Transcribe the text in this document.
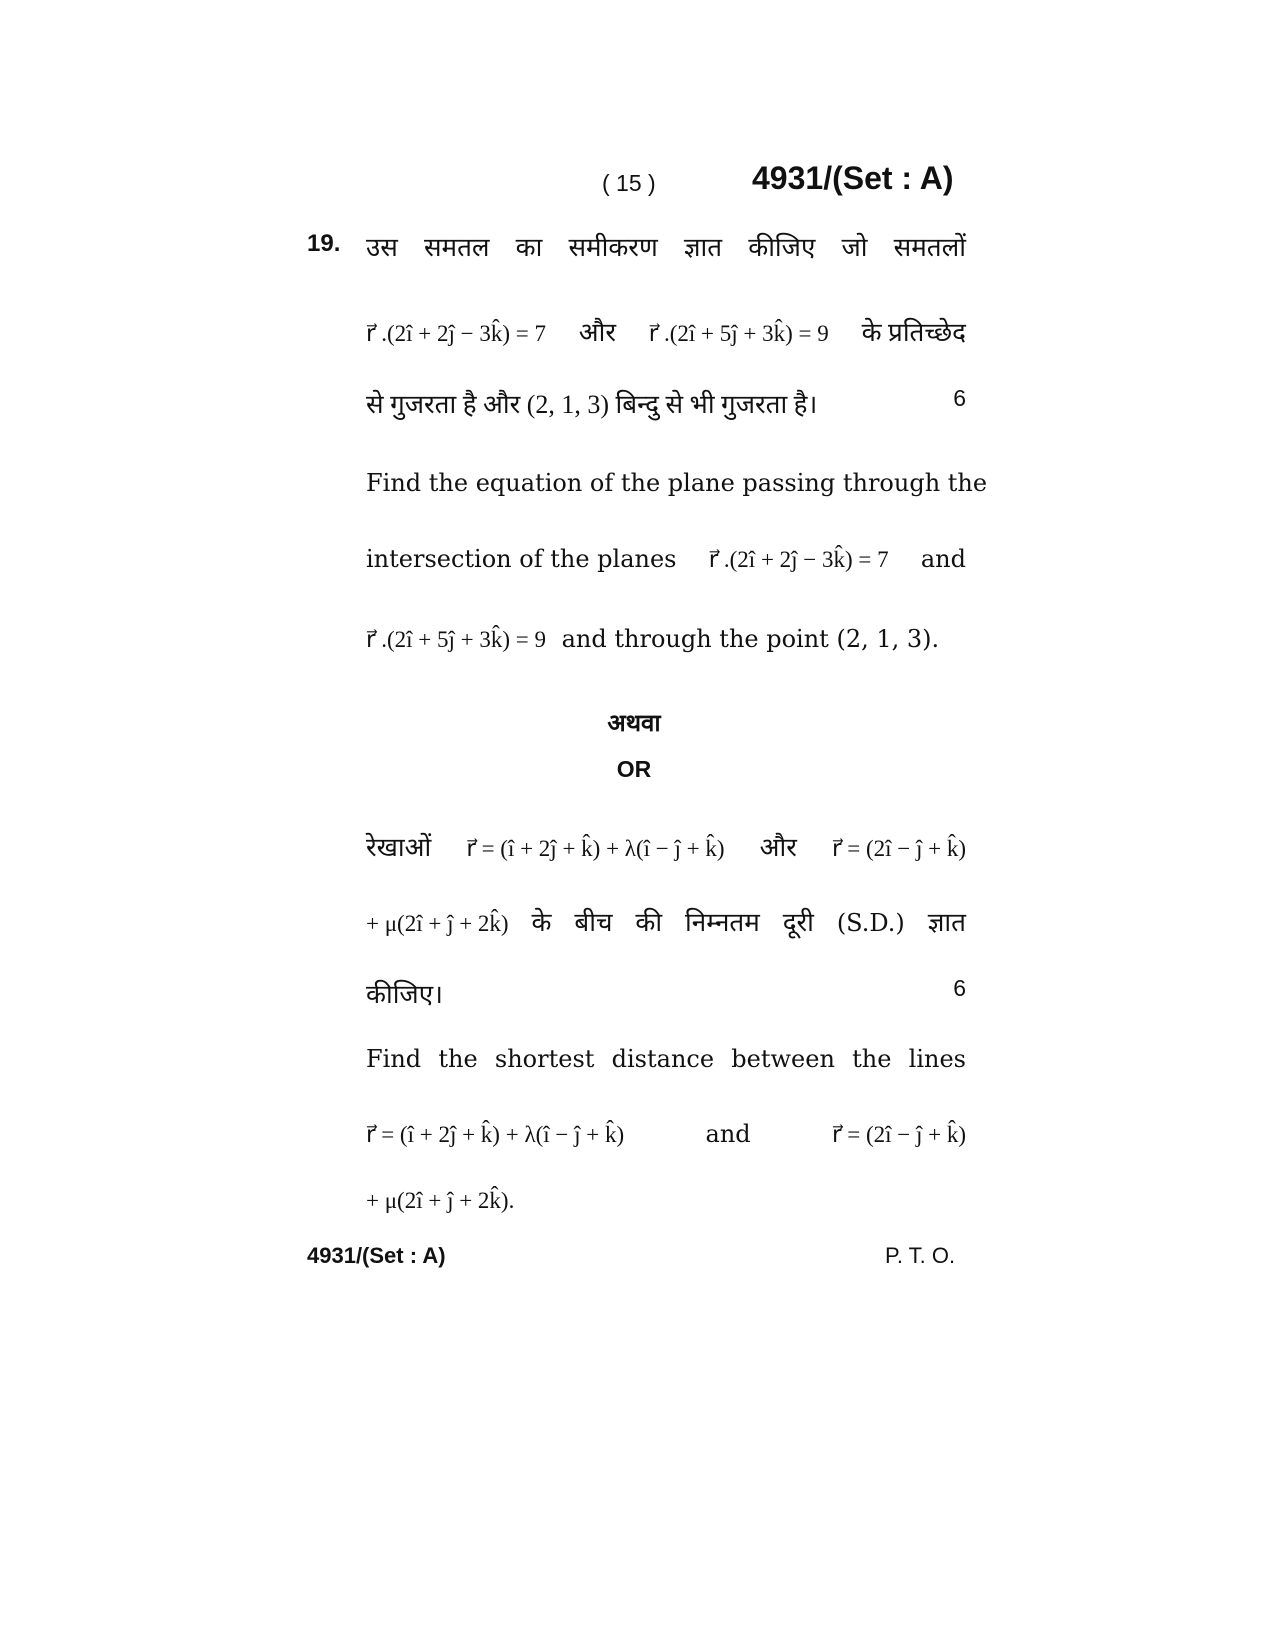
( 15 )	4931/(Set : A)
19. उस समतल का समीकरण ज्ञात कीजिए जो समतलों
r⃗ .(2î + 2ĵ − 3k̂) = 7 और r⃗ .(2î + 5ĵ + 3k̂) = 9 के प्रतिच्छेद
से गुजरता है और (2, 1, 3) बिन्दु से भी गुजरता है।	6
Find the equation of the plane passing through the
intersection of the planes r⃗ .(2î + 2ĵ − 3k̂) = 7 and
r⃗ .(2î + 5ĵ + 3k̂) = 9 and through the point (2, 1, 3).
अथवा
OR
रेखाओं r⃗ = (î + 2ĵ + k̂) + λ(î − ĵ + k̂) और r⃗ = (2î − ĵ + k̂)
+ μ(2î + ĵ + 2k̂) के बीच की निम्नतम दूरी (S.D.) ज्ञात
कीजिए।	6
Find the shortest distance between the lines
r⃗ = (î + 2ĵ + k̂) + λ(î − ĵ + k̂)	and	r⃗ = (2î − ĵ + k̂)
+ μ(2î + ĵ + 2k̂).
4931/(Set : A)	P. T. O.
